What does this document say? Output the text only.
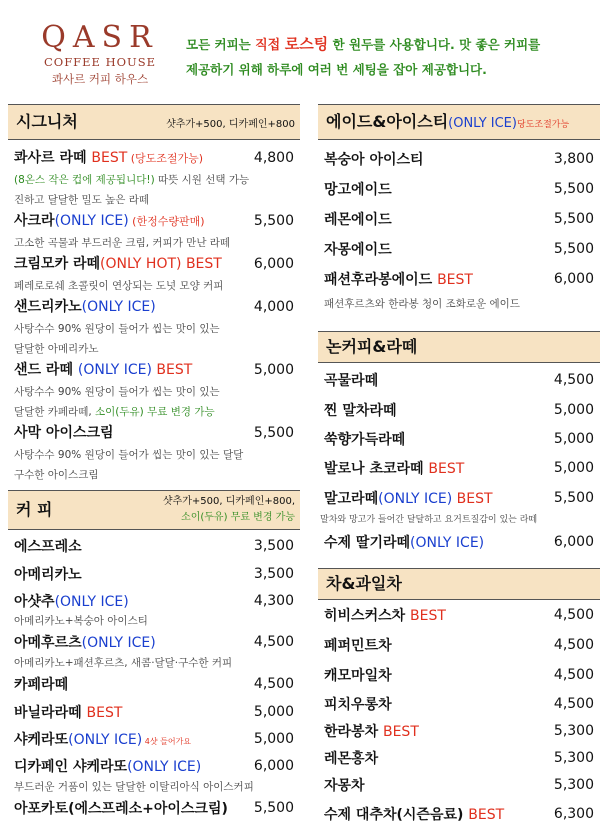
QASR
COFFEE HOUSE
콰사르 커피 하우스
모든 커피는 직접 로스팅 한 원두를 사용합니다. 맛 좋은 커피를
제공하기 위해 하루에 여러 번 세팅을 잡아 제공합니다.
시그니처	샷추가+500, 디카페인+800
콰사르 라떼 BEST (당도조절가능)	4,800
(8온스 작은 컵에 제공됩니다!) 따뜻 시원 선택 가능
진하고 달달한 밀도 높은 라떼
사크라(ONLY ICE) (한정수량판매)	5,500
고소한 곡물과 부드러운 크림, 커피가 만난 라떼
크림모카 라떼(ONLY HOT) BEST 6,000
페레로로쉐 초콜릿이 연상되는 도넛 모양 커피
샌드리카노(ONLY ICE)	4,000
사탕수수 90% 원당이 들어가 씹는 맛이 있는
달달한 아메리카노
샌드 라떼 (ONLY ICE) BEST	5,000
사탕수수 90% 원당이 들어가 씹는 맛이 있는
달달한 카페라떼, 소이(두유) 무료 변경 가능
사막 아이스크림	5,500
사탕수수 90% 원당이 들어가 씹는 맛이 있는 달달
구수한 아이스크림
커 피	샷추가+500, 디카페인+800,
소이(두유) 무료 변경 가능
에스프레소	3,500
아메리카노	3,500
아샷추(ONLY ICE)	4,300
아메리카노+복숭아 아이스티
아메후르츠(ONLY ICE)	4,500
아메리카노+패션후르츠, 새콤·달달·구수한 커피
카페라떼	4,500
바닐라라떼 BEST	5,000
샤케라또(ONLY ICE) 4샷 들어가요	5,000
디카페인 샤케라또(ONLY ICE)	6,000
부드러운 거품이 있는 달달한 이탈리아식 아이스커피
아포카토(에스프레소+아이스크림) 5,500
에이드&아이스티(ONLY ICE)당도조절가능
복숭아 아이스티	3,800
망고에이드	5,500
레몬에이드	5,500
자몽에이드	5,500
패션후라봉에이드 BEST	6,000
패션후르츠와 한라봉 청이 조화로운 에이드
논커피&라떼
곡물라떼	4,500
찐 말차라떼	5,000
쑥향가득라떼	5,000
발로나 초코라떼 BEST	5,000
말고라떼(ONLY ICE) BEST	5,500
말차와 망고가 들어간 달달하고 요거트질감이 있는 라떼
수제 딸기라떼(ONLY ICE)	6,000
차&과일차
히비스커스차 BEST	4,500
페퍼민트차	4,500
캐모마일차	4,500
피치우롱차	4,500
한라봉차 BEST	5,300
레몬홍차	5,300
자몽차	5,300
수제 대추차(시즌음료) BEST	6,300
